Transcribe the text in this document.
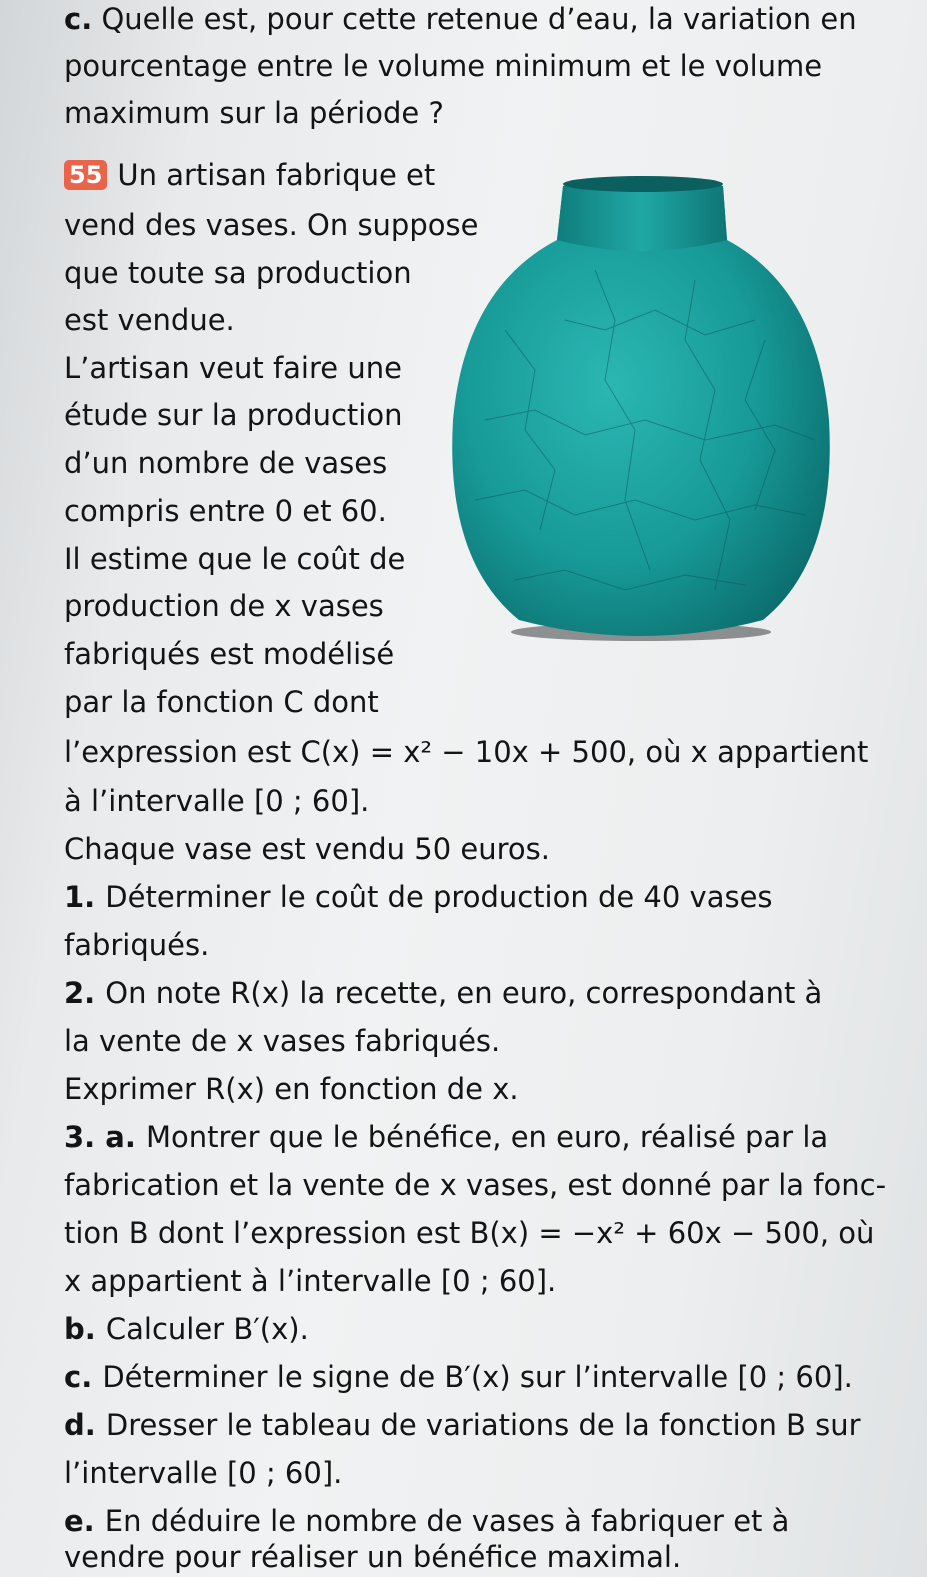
c. Quelle est, pour cette retenue d’eau, la variation en

pourcentage entre le volume minimum et le volume

maximum sur la période ?

55 Un artisan fabrique et

vend des vases. On suppose

que toute sa production

est vendue.

L’artisan veut faire une

étude sur la production

d’un nombre de vases

compris entre 0 et 60.

Il estime que le coût de

production de x vases

fabriqués est modélisé

par la fonction C dont

l’expression est C(x) = x² − 10x + 500, où x appartient

à l’intervalle [0 ; 60].

Chaque vase est vendu 50 euros.

1. Déterminer le coût de production de 40 vases

fabriqués.

2. On note R(x) la recette, en euro, correspondant à

la vente de x vases fabriqués.

Exprimer R(x) en fonction de x.

3. a. Montrer que le bénéfice, en euro, réalisé par la

fabrication et la vente de x vases, est donné par la fonc-

tion B dont l’expression est B(x) = −x² + 60x − 500, où

x appartient à l’intervalle [0 ; 60].

b. Calculer B′(x).

c. Déterminer le signe de B′(x) sur l’intervalle [0 ; 60].

d. Dresser le tableau de variations de la fonction B sur

l’intervalle [0 ; 60].

e. En déduire le nombre de vases à fabriquer et à

vendre pour réaliser un bénéfice maximal.
